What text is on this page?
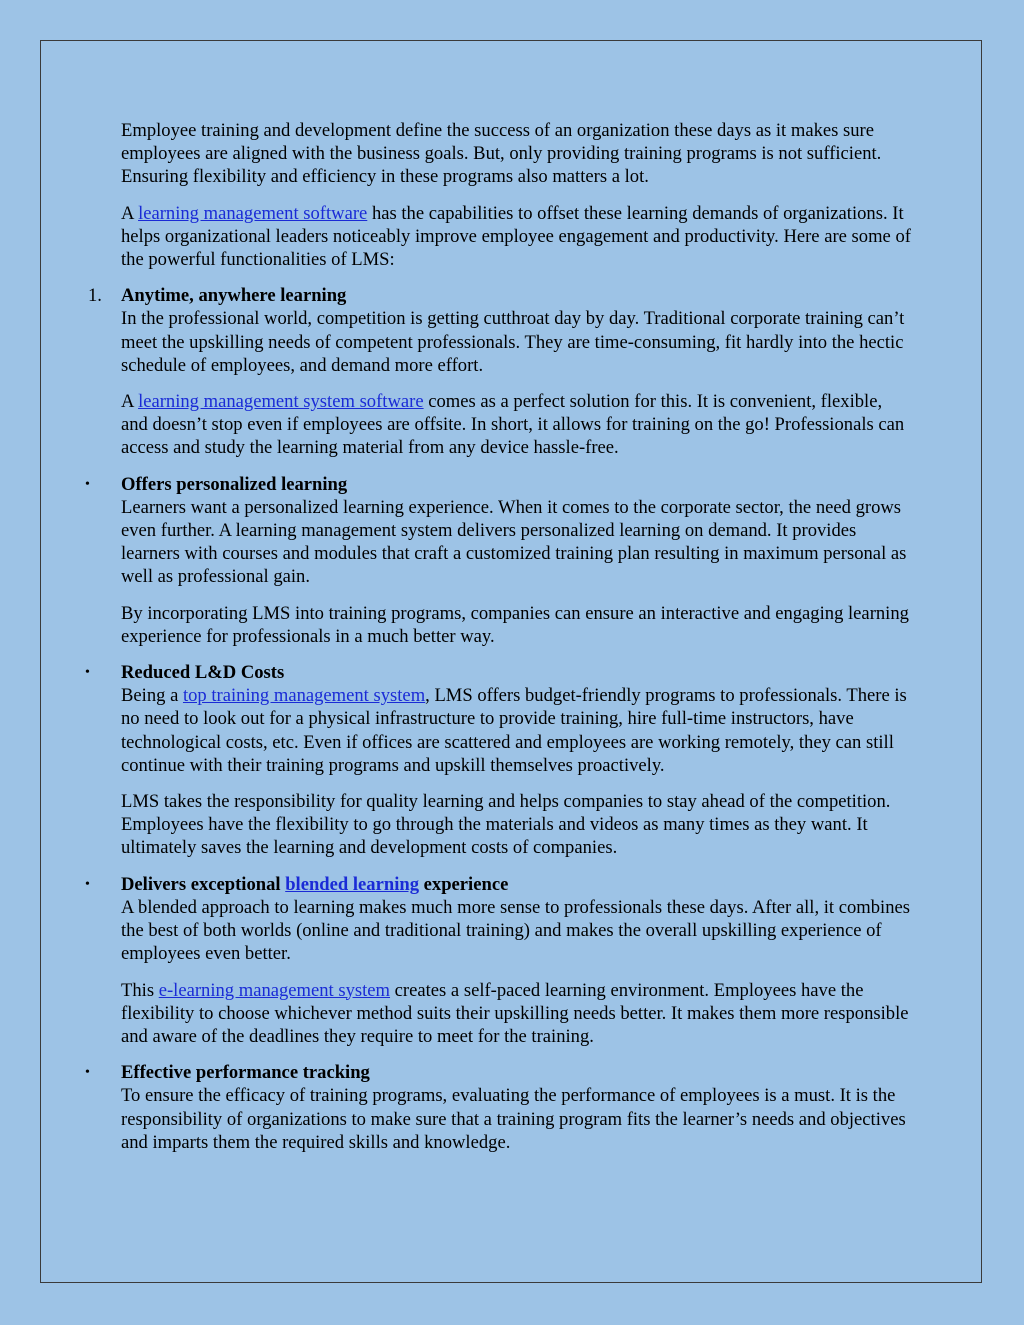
Employee training and development define the success of an organization these days as it makes sure employees are aligned with the business goals. But, only providing training programs is not sufficient. Ensuring flexibility and efficiency in these programs also matters a lot.

A learning management software has the capabilities to offset these learning demands of organizations. It helps organizational leaders noticeably improve employee engagement and productivity. Here are some of the powerful functionalities of LMS:

1.	Anytime, anywhere learning
In the professional world, competition is getting cutthroat day by day. Traditional corporate training can’t meet the upskilling needs of competent professionals. They are time-consuming, fit hardly into the hectic schedule of employees, and demand more effort.

A learning management system software comes as a perfect solution for this. It is convenient, flexible, and doesn’t stop even if employees are offsite. In short, it allows for training on the go! Professionals can access and study the learning material from any device hassle-free.

•	Offers personalized learning
Learners want a personalized learning experience. When it comes to the corporate sector, the need grows even further. A learning management system delivers personalized learning on demand. It provides learners with courses and modules that craft a customized training plan resulting in maximum personal as well as professional gain.

By incorporating LMS into training programs, companies can ensure an interactive and engaging learning experience for professionals in a much better way.

•	Reduced L&D Costs
Being a top training management system, LMS offers budget-friendly programs to professionals. There is no need to look out for a physical infrastructure to provide training, hire full-time instructors, have technological costs, etc. Even if offices are scattered and employees are working remotely, they can still continue with their training programs and upskill themselves proactively.

LMS takes the responsibility for quality learning and helps companies to stay ahead of the competition. Employees have the flexibility to go through the materials and videos as many times as they want. It ultimately saves the learning and development costs of companies.

•	Delivers exceptional blended learning experience
A blended approach to learning makes much more sense to professionals these days. After all, it combines the best of both worlds (online and traditional training) and makes the overall upskilling experience of employees even better.

This e-learning management system creates a self-paced learning environment. Employees have the flexibility to choose whichever method suits their upskilling needs better. It makes them more responsible and aware of the deadlines they require to meet for the training.

•	Effective performance tracking
To ensure the efficacy of training programs, evaluating the performance of employees is a must. It is the responsibility of organizations to make sure that a training program fits the learner’s needs and objectives and imparts them the required skills and knowledge.
